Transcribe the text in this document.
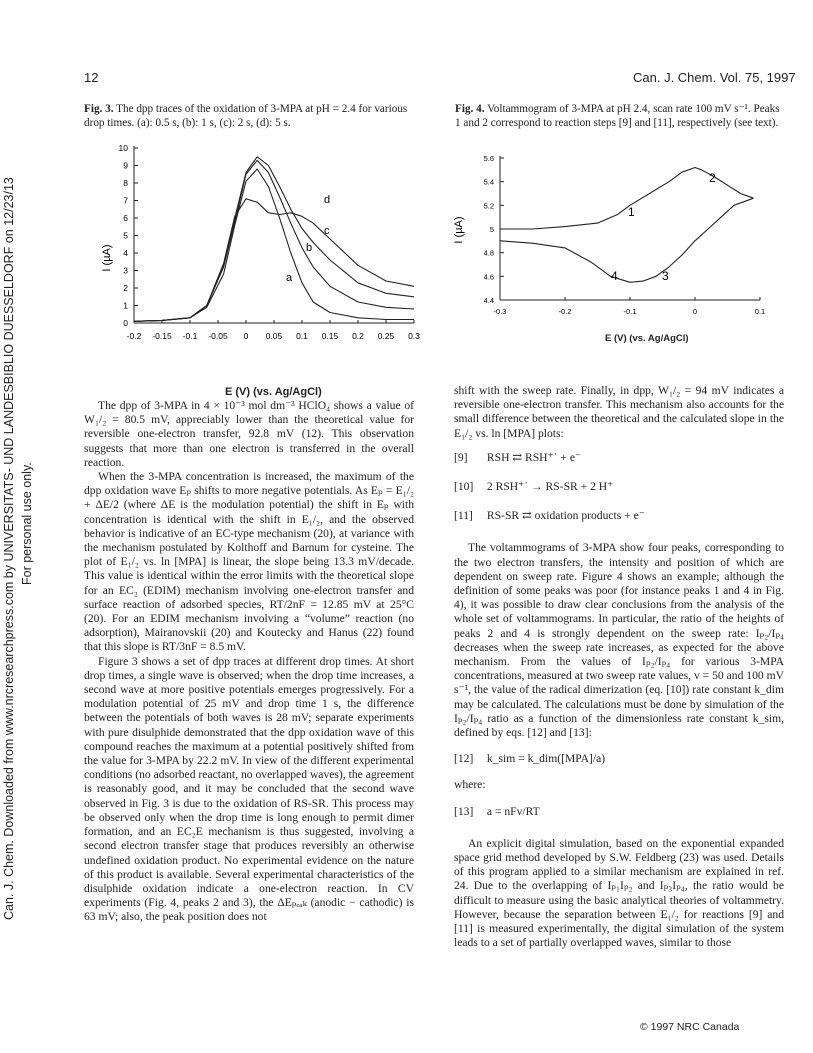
Can. J. Chem. Downloaded from www.nrcresearchpress.com by UNIVERSITATS- UND LANDESBIBLIO DUESSELDORF on 12/23/13 For personal use only.
12	Can. J. Chem. Vol. 75, 1997
Fig. 3. The dpp traces of the oxidation of 3-MPA at pH = 2.4 for various drop times. (a): 0.5 s, (b): 1 s, (c): 2 s, (d): 5 s.
-0.2 -0.15 -0.1 -0.05 0 0.05 0.1 0.15 0.2 0.25 0.3
0
1
2
3
4
5
6
7
8
9
10
I (µA)
a
b
c
d
E (V) (vs. Ag/AgCl)
Fig. 4. Voltammogram of 3-MPA at pH 2.4, scan rate 100 mV s⁻¹. Peaks 1 and 2 correspond to reaction steps [9] and [11], respectively (see text).
-0.3	-0.2	-0.1	0	0.1
4.4
4.6
4.8
5
5.2
5.4
5.6
I (µA)
1
2
3
4
E (V) (vs. Ag/AgCl)

The dpp of 3-MPA in 4 × 10⁻³ mol dm⁻³ HClO₄ shows a value of W₁/₂ = 80.5 mV, appreciably lower than the theoretical value for reversible one-electron transfer, 92.8 mV (12). This observation suggests that more than one electron is transferred in the overall reaction.

When the 3-MPA concentration is increased, the maximum of the dpp oxidation wave Eₚ shifts to more negative potentials. As Eₚ = E₁/₂ + ΔE/2 (where ΔE is the modulation potential) the shift in Eₚ with concentration is identical with the shift in E₁/₂, and the observed behavior is indicative of an EC-type mechanism (20), at variance with the mechanism postulated by Kolthoff and Barnum for cysteine. The plot of E₁/₂ vs. ln [MPA] is linear, the slope being 13.3 mV/decade. This value is identical within the error limits with the theoretical slope for an EC₂ (EDIM) mechanism involving one-electron transfer and surface reaction of adsorbed species, RT/2nF = 12.85 mV at 25°C (20). For an EDIM mechanism involving a “volume” reaction (no adsorption), Mairanovskii (20) and Koutecky and Hanus (22) found that this slope is RT/3nF = 8.5 mV.

Figure 3 shows a set of dpp traces at different drop times. At short drop times, a single wave is observed; when the drop time increases, a second wave at more positive potentials emerges progressively. For a modulation potential of 25 mV and drop time 1 s, the difference between the potentials of both waves is 28 mV; separate experiments with pure disulphide demonstrated that the dpp oxidation wave of this compound reaches the maximum at a potential positively shifted from the value for 3-MPA by 22.2 mV. In view of the different experimental conditions (no adsorbed reactant, no overlapped waves), the agreement is reasonably good, and it may be concluded that the second wave observed in Fig. 3 is due to the oxidation of RS-SR. This process may be observed only when the drop time is long enough to permit dimer formation, and an EC₂E mechanism is thus suggested, involving a second electron transfer stage that produces reversibly an otherwise undefined oxidation product. No experimental evidence on the nature of this product is available. Several experimental characteristics of the disulphide oxidation indicate a one-electron reaction. In CV experiments (Fig. 4, peaks 2 and 3), the ΔEₚₑₐₖ (anodic − cathodic) is 63 mV; also, the peak position does not

shift with the sweep rate. Finally, in dpp, W₁/₂ = 94 mV indicates a reversible one-electron transfer. This mechanism also accounts for the small difference between the theoretical and the calculated slope in the E₁/₂ vs. ln [MPA] plots:
[9] RSH ⇄ RSH⁺˙ + e⁻
[10] 2 RSH⁺˙ → RS-SR + 2 H⁺
[11] RS-SR ⇄ oxidation products + e⁻

The voltammograms of 3-MPA show four peaks, corresponding to the two electron transfers, the intensity and position of which are dependent on sweep rate. Figure 4 shows an example; although the definition of some peaks was poor (for instance peaks 1 and 4 in Fig. 4), it was possible to draw clear conclusions from the analysis of the whole set of voltammograms. In particular, the ratio of the heights of peaks 2 and 4 is strongly dependent on the sweep rate: Iₚ₂/Iₚ₄ decreases when the sweep rate increases, as expected for the above mechanism. From the values of Iₚ₂/Iₚ₄ for various 3-MPA concentrations, measured at two sweep rate values, v = 50 and 100 mV s⁻¹, the value of the radical dimerization (eq. [10]) rate constant k_dim may be calculated. The calculations must be done by simulation of the Iₚ₂/Iₚ₄ ratio as a function of the dimensionless rate constant k_sim, defined by eqs. [12] and [13]:

[12] k_sim = k_dim([MPA]/a)
where:
[13] a = nFv/RT

An explicit digital simulation, based on the exponential expanded space grid method developed by S.W. Feldberg (23) was used. Details of this program applied to a similar mechanism are explained in ref. 24. Due to the overlapping of Iₚ₁Iₚ₂ and Iₚ₃Iₚ₄, the ratio would be difficult to measure using the basic analytical theories of voltammetry. However, because the separation between E₁/₂ for reactions [9] and [11] is measured experimentally, the digital simulation of the system leads to a set of partially overlapped waves, similar to those

© 1997 NRC Canada
